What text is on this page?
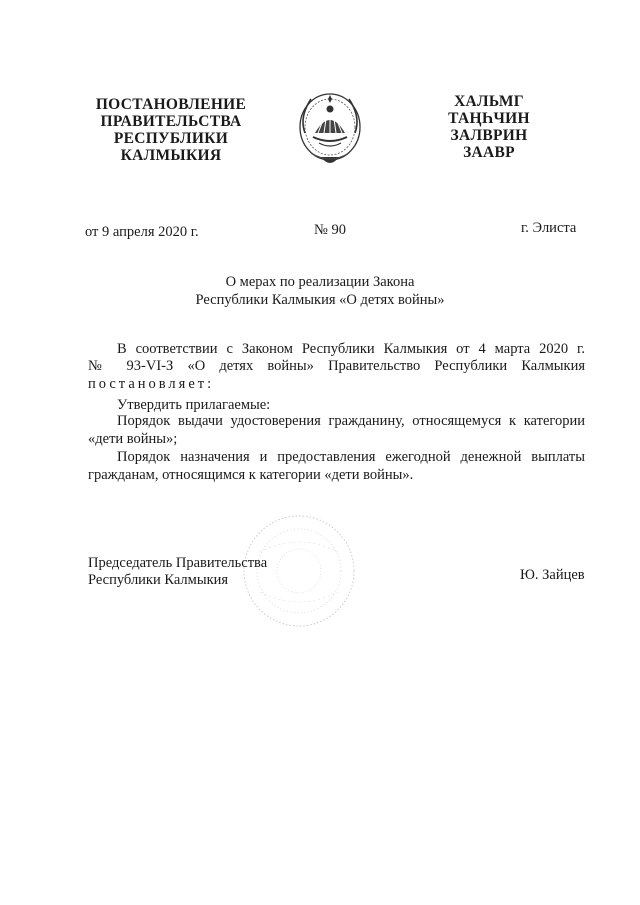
ПОСТАНОВЛЕНИЕ
ПРАВИТЕЛЬСТВА
РЕСПУБЛИКИ
КАЛМЫКИЯ
ХАЛЬМГ
ТАҢҺЧИН
ЗАЛВРИН
ЗААВР
от 9 апреля 2020 г.	№ 90	г. Элиста
О мерах по реализации Закона
Республики Калмыкия «О детях войны»
В соответствии с Законом Республики Калмыкия от 4 марта 2020 г.
№ 93-VI-З «О детях войны» Правительство Республики Калмыкия
постановляет:
Утвердить прилагаемые:
Порядок выдачи удостоверения гражданину, относящемуся к категории
«дети войны»;
Порядок назначения и предоставления ежегодной денежной выплаты
гражданам, относящимся к категории «дети войны».
Председатель Правительства
Республики Калмыкия	Ю. Зайцев
